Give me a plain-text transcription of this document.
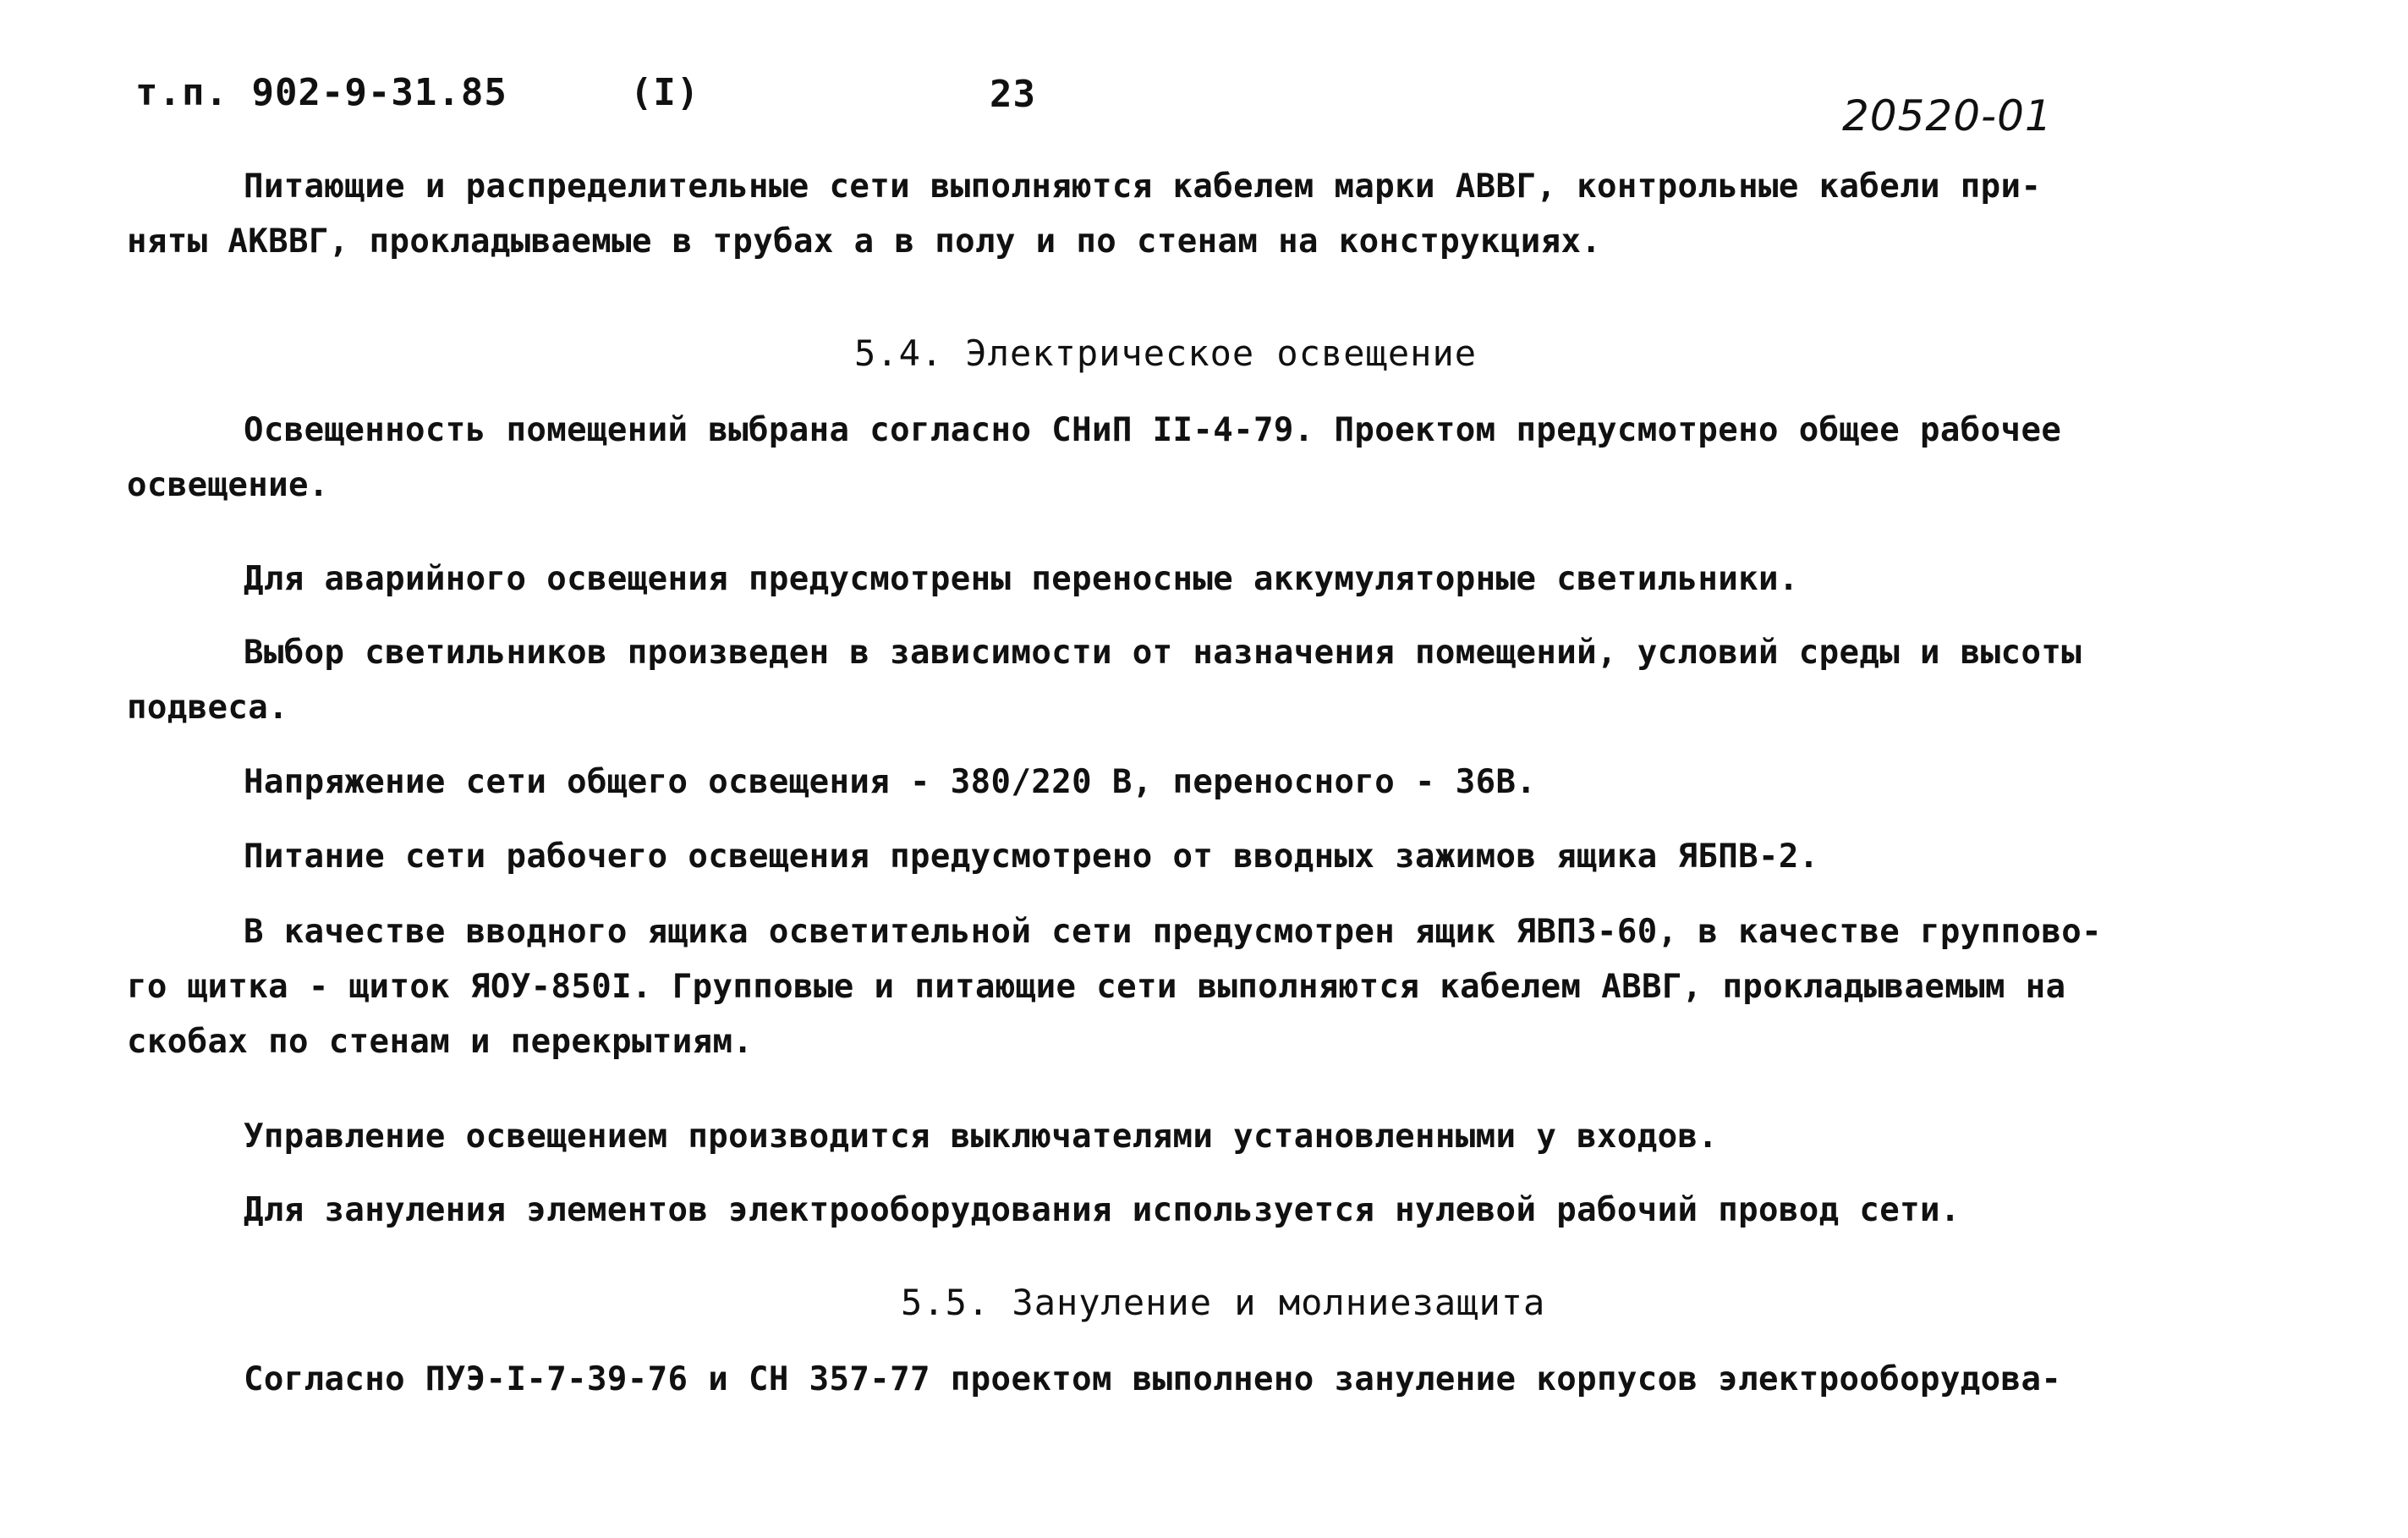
т.п. 902-9-31.85	(I)	23	20520-01
Питающие и распределительные сети выполняются кабелем марки АВВГ, контрольные кабели при-
няты АКВВГ, прокладываемые в трубах а в полу и по стенам на конструкциях.
5.4. Электрическое освещение
Освещенность помещений выбрана согласно СНиП II-4-79. Проектом предусмотрено общее рабочее
освещение.
Для аварийного освещения предусмотрены переносные аккумуляторные светильники.
Выбор светильников произведен в зависимости от назначения помещений, условий среды и высоты
подвеса.
Напряжение сети общего освещения - 380/220 В, переносного - 36В.
Питание сети рабочего освещения предусмотрено от вводных зажимов ящика ЯБПВ-2.
В качестве вводного ящика осветительной сети предусмотрен ящик ЯВПЗ-60, в качестве группово-
го щитка - щиток ЯОУ-850I. Групповые и питающие сети выполняются кабелем АВВГ, прокладываемым на
скобах по стенам и перекрытиям.
Управление освещением производится выключателями установленными у входов.
Для зануления элементов электрооборудования используется нулевой рабочий провод сети.
5.5. Зануление и молниезащита
Согласно ПУЭ-I-7-39-76 и СН 357-77 проектом выполнено зануление корпусов электрооборудова-
